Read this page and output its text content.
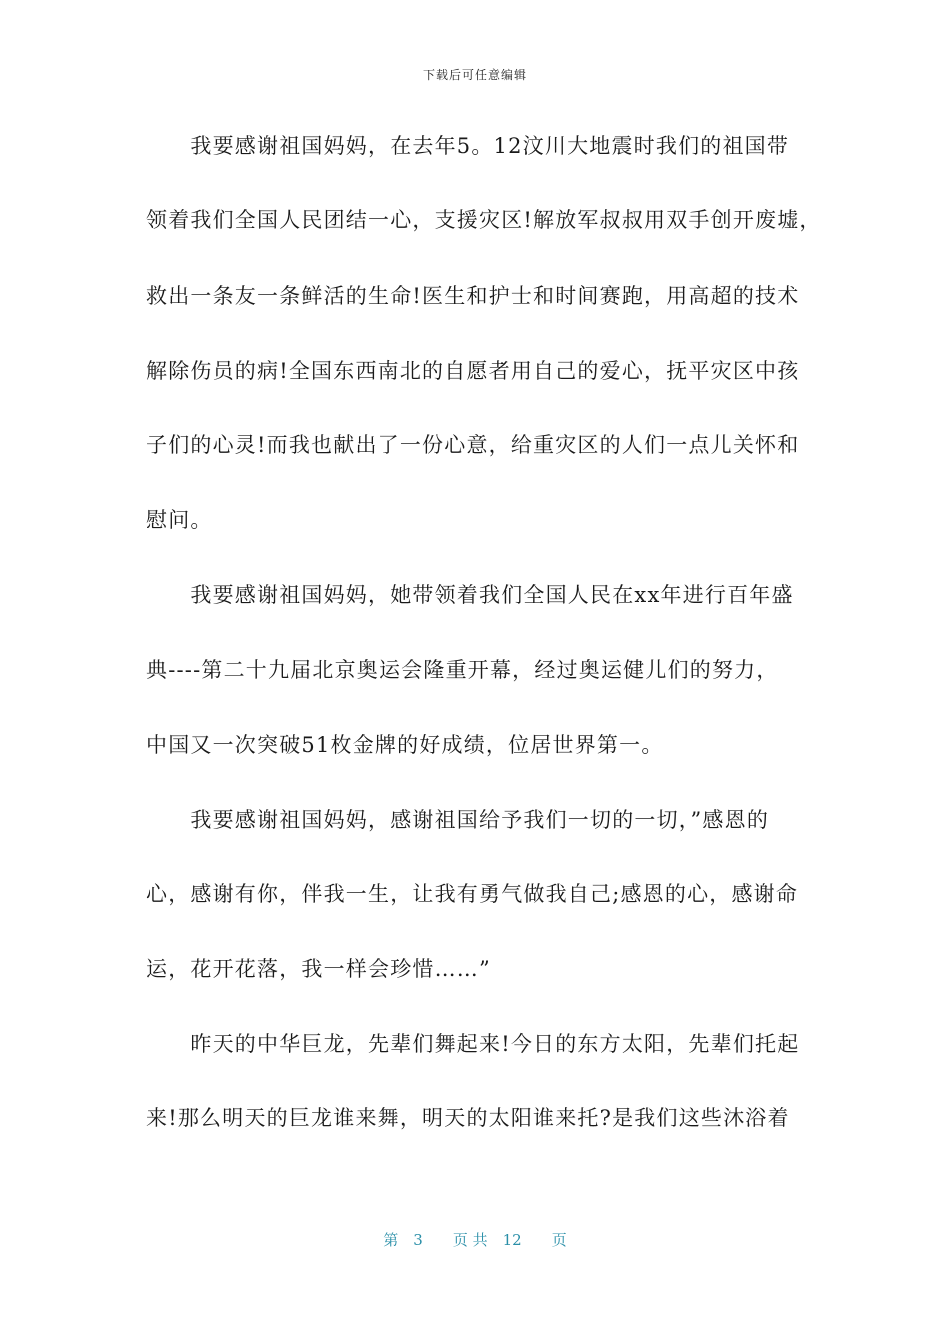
下载后可任意编辑
　　我要感谢祖国妈妈，在去年5。12汶川大地震时我们的祖国带
领着我们全国人民团结一心，支援灾区!解放军叔叔用双手创开废墟，
救出一条友一条鲜活的生命!医生和护士和时间赛跑，用高超的技术
解除伤员的病!全国东西南北的自愿者用自己的爱心，抚平灾区中孩
子们的心灵!而我也献出了一份心意，给重灾区的人们一点儿关怀和
慰问。
　　我要感谢祖国妈妈，她带领着我们全国人民在xx年进行百年盛
典----第二十九届北京奥运会隆重开幕，经过奥运健儿们的努力，
中国又一次突破51枚金牌的好成绩，位居世界第一。
　　我要感谢祖国妈妈，感谢祖国给予我们一切的一切，”感恩的
心，感谢有你，伴我一生，让我有勇气做我自己;感恩的心，感谢命
运，花开花落，我一样会珍惜……”
　　昨天的中华巨龙，先辈们舞起来!今日的东方太阳，先辈们托起
来!那么明天的巨龙谁来舞，明天的太阳谁来托?是我们这些沐浴着
第　3　　页 共　12　　页
